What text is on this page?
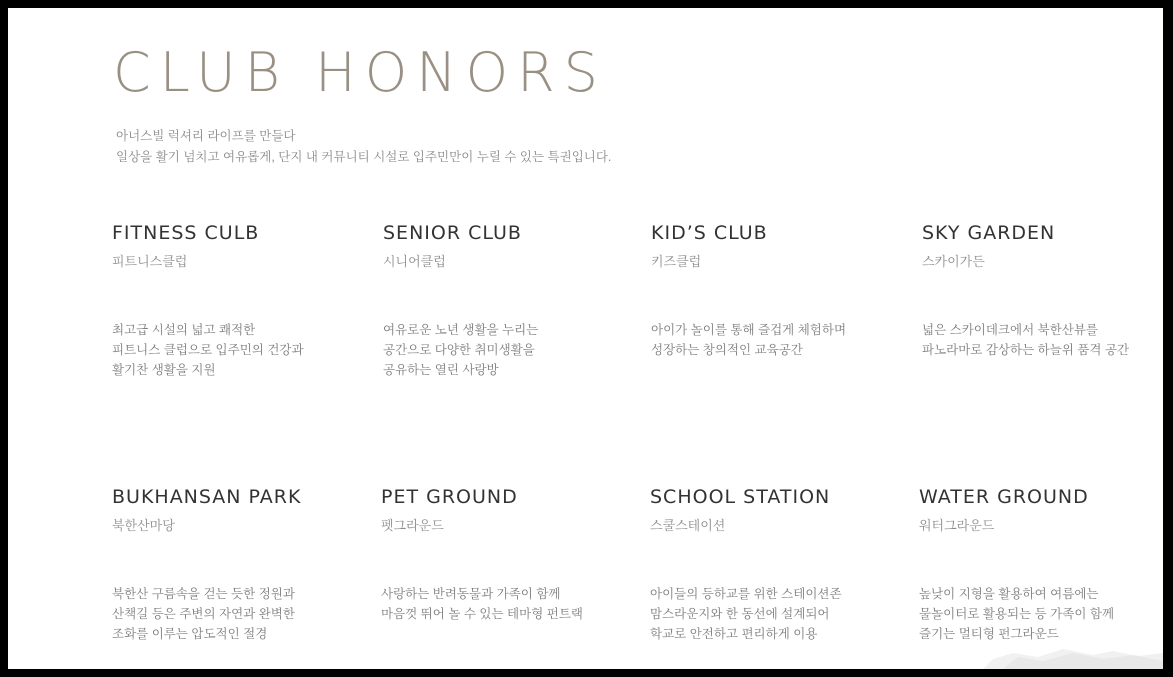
CLUB HONORS
아너스빌 럭셔리 라이프를 만들다
일상을 활기 넘치고 여유롭게, 단지 내 커뮤니티 시설로 입주민만이 누릴 수 있는 특권입니다.
FITNESS CULB
피트니스클럽
최고급 시설의 넓고 쾌적한
피트니스 클럽으로 입주민의 건강과
활기찬 생활을 지원
SENIOR CLUB
시니어클럽
여유로운 노년 생활을 누리는
공간으로 다양한 취미생활을
공유하는 열린 사랑방
KID’S CLUB
키즈클럽
아이가 놀이를 통해 즐겁게 체험하며
성장하는 창의적인 교육공간
SKY GARDEN
스카이가든
넓은 스카이데크에서 북한산뷰를
파노라마로 감상하는 하늘위 품격 공간
BUKHANSAN PARK
북한산마당
북한산 구름속을 걷는 듯한 정원과
산책길 등은 주변의 자연과 완벽한
조화를 이루는 압도적인 절경
PET GROUND
펫그라운드
사랑하는 반려동물과 가족이 함께
마음껏 뛰어 놀 수 있는 테마형 펀트랙
SCHOOL STATION
스쿨스테이션
아이들의 등하교를 위한 스테이션존
맘스라운지와 한 동선에 설계되어
학교로 안전하고 편리하게 이용
WATER GROUND
워터그라운드
높낮이 지형을 활용하여 여름에는
물놀이터로 활용되는 등 가족이 함께
즐기는 멀티형 펀그라운드
